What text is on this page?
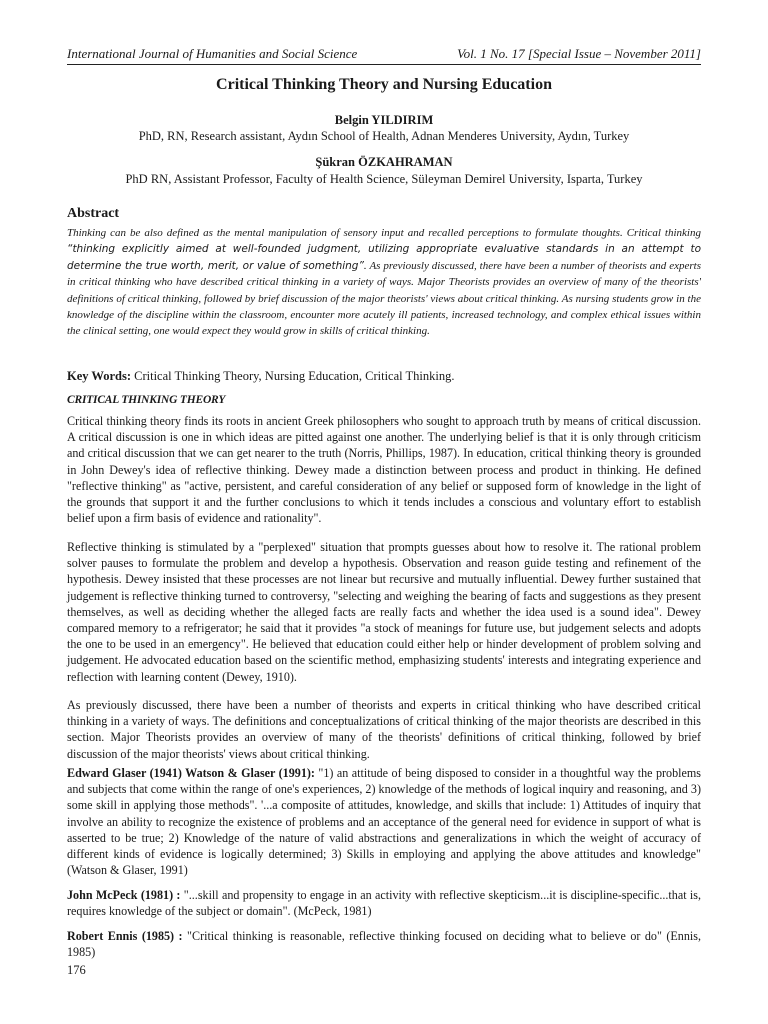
International Journal of Humanities and Social Science	Vol. 1 No. 17 [Special Issue – November 2011]
Critical Thinking Theory and Nursing Education
Belgin YILDIRIM
PhD, RN, Research assistant, Aydın School of Health, Adnan Menderes University, Aydın, Turkey
Şükran ÖZKAHRAMAN
PhD RN, Assistant Professor, Faculty of Health Science, Süleyman Demirel University, Isparta, Turkey
Abstract
Thinking can be also defined as the mental manipulation of sensory input and recalled perceptions to formulate thoughts. Critical thinking “thinking explicitly aimed at well-founded judgment, utilizing appropriate evaluative standards in an attempt to determine the true worth, merit, or value of something”. As previously discussed, there have been a number of theorists and experts in critical thinking who have described critical thinking in a variety of ways. Major Theorists provides an overview of many of the theorists' definitions of critical thinking, followed by brief discussion of the major theorists' views about critical thinking. As nursing students grow in the knowledge of the discipline within the classroom, encounter more acutely ill patients, increased technology, and complex ethical issues within the clinical setting, one would expect they would grow in skills of critical thinking.
Key Words: Critical Thinking Theory, Nursing Education, Critical Thinking.
CRITICAL THINKING THEORY
Critical thinking theory finds its roots in ancient Greek philosophers who sought to approach truth by means of critical discussion. A critical discussion is one in which ideas are pitted against one another. The underlying belief is that it is only through criticism and critical discussion that we can get nearer to the truth (Norris, Phillips, 1987). In education, critical thinking theory is grounded in John Dewey's idea of reflective thinking. Dewey made a distinction between process and product in thinking. He defined "reflective thinking" as "active, persistent, and careful consideration of any belief or supposed form of knowledge in the light of the grounds that support it and the further conclusions to which it tends includes a conscious and voluntary effort to establish belief upon a firm basis of evidence and rationality".
Reflective thinking is stimulated by a "perplexed" situation that prompts guesses about how to resolve it. The rational problem solver pauses to formulate the problem and develop a hypothesis. Observation and reason guide testing and refinement of the hypothesis. Dewey insisted that these processes are not linear but recursive and mutually influential. Dewey further sustained that judgement is reflective thinking turned to controversy, "selecting and weighing the bearing of facts and suggestions as they present themselves, as well as deciding whether the alleged facts are really facts and whether the idea used is a sound idea". Dewey compared memory to a refrigerator; he said that it provides "a stock of meanings for future use, but judgement selects and adopts the one to be used in an emergency". He believed that education could either help or hinder development of problem solving and judgement. He advocated education based on the scientific method, emphasizing students' interests and integrating experience and reflection with learning content (Dewey, 1910).
As previously discussed, there have been a number of theorists and experts in critical thinking who have described critical thinking in a variety of ways. The definitions and conceptualizations of critical thinking of the major theorists are described in this section. Major Theorists provides an overview of many of the theorists' definitions of critical thinking, followed by brief discussion of the major theorists' views about critical thinking.
Edward Glaser (1941) Watson & Glaser (1991): "1) an attitude of being disposed to consider in a thoughtful way the problems and subjects that come within the range of one's experiences, 2) knowledge of the methods of logical inquiry and reasoning, and 3) some skill in applying those methods". '...a composite of attitudes, knowledge, and skills that include: 1) Attitudes of inquiry that involve an ability to recognize the existence of problems and an acceptance of the general need for evidence in support of what is asserted to be true; 2) Knowledge of the nature of valid abstractions and generalizations in which the weight of accuracy of different kinds of evidence is logically determined; 3) Skills in employing and applying the above attitudes and knowledge" (Watson & Glaser, 1991)
John McPeck (1981) : "...skill and propensity to engage in an activity with reflective skepticism...it is discipline-specific...that is, requires knowledge of the subject or domain". (McPeck, 1981)
Robert Ennis (1985) : "Critical thinking is reasonable, reflective thinking focused on deciding what to believe or do" (Ennis, 1985)
176
